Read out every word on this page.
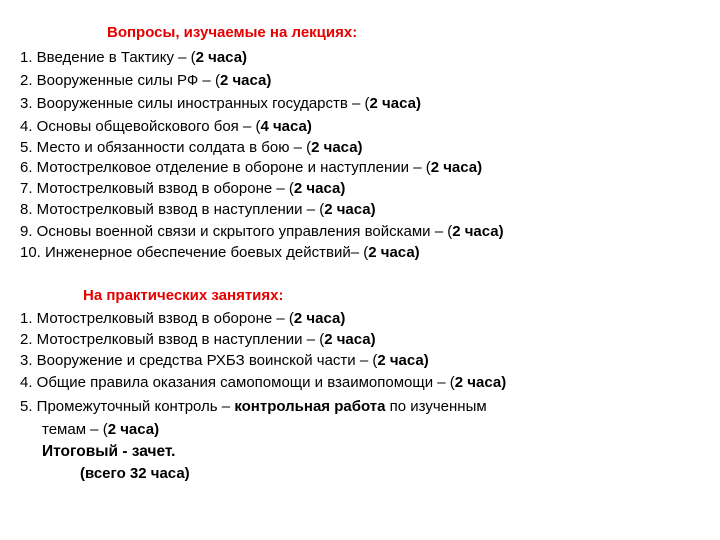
Вопросы, изучаемые на лекциях:
1. Введение в Тактику – (2 часа)
2. Вооруженные силы РФ – (2 часа)
3. Вооруженные силы иностранных государств – (2 часа)
4. Основы общевойскового боя – (4 часа)
5. Место и обязанности солдата в бою – (2 часа)
6. Мотострелковое отделение в обороне и наступлении – (2 часа)
7. Мотострелковый взвод в обороне – (2 часа)
8. Мотострелковый взвод в наступлении – (2 часа)
9. Основы военной связи и скрытого управления войсками – (2 часа)
10. Инженерное обеспечение боевых действий– (2 часа)
На практических занятиях:
1. Мотострелковый взвод в обороне – (2 часа)
2. Мотострелковый взвод в наступлении – (2 часа)
3. Вооружение и средства РХБЗ воинской части – (2 часа)
4. Общие правила оказания самопомощи и взаимопомощи – (2 часа)
5. Промежуточный контроль – контрольная работа по изученным
темам – (2 часа)
Итоговый - зачет.
(всего 32 часа)
